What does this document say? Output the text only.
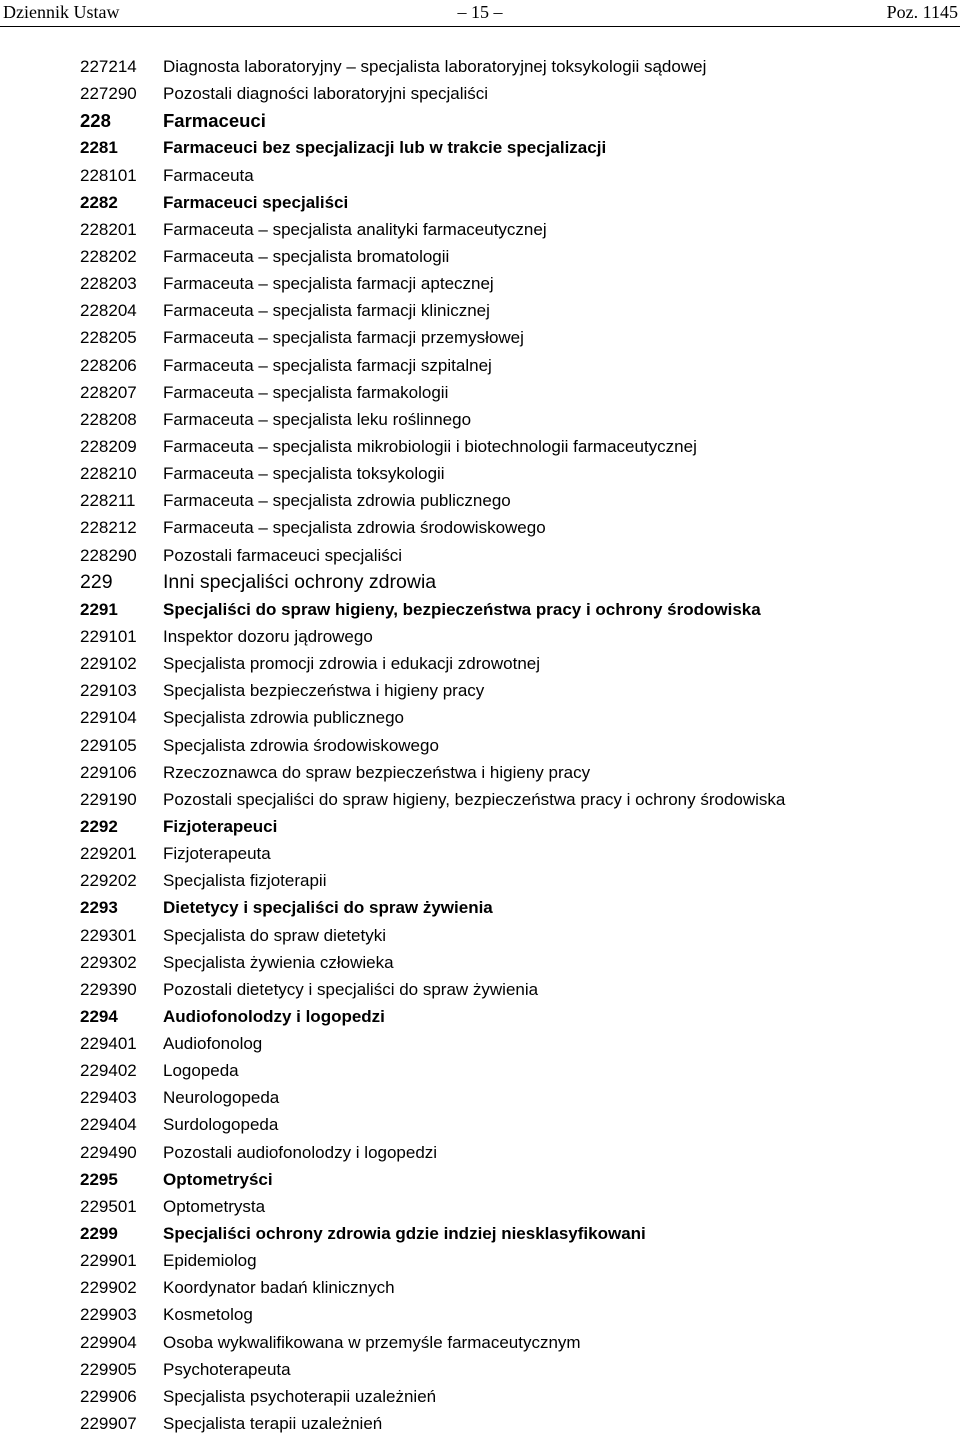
Dziennik Ustaw	– 15 –	Poz. 1145
227214 Diagnosta laboratoryjny – specjalista laboratoryjnej toksykologii sądowej
227290 Pozostali diagności laboratoryjni specjaliści
228	Farmaceuci
2281	Farmaceuci bez specjalizacji lub w trakcie specjalizacji
228101 Farmaceuta
2282	Farmaceuci specjaliści
228201 Farmaceuta – specjalista analityki farmaceutycznej
228202 Farmaceuta – specjalista bromatologii
228203 Farmaceuta – specjalista farmacji aptecznej
228204 Farmaceuta – specjalista farmacji klinicznej
228205 Farmaceuta – specjalista farmacji przemysłowej
228206 Farmaceuta – specjalista farmacji szpitalnej
228207 Farmaceuta – specjalista farmakologii
228208 Farmaceuta – specjalista leku roślinnego
228209 Farmaceuta – specjalista mikrobiologii i biotechnologii farmaceutycznej
228210 Farmaceuta – specjalista toksykologii
228211 Farmaceuta – specjalista zdrowia publicznego
228212 Farmaceuta – specjalista zdrowia środowiskowego
228290 Pozostali farmaceuci specjaliści
229	Inni specjaliści ochrony zdrowia
2291	Specjaliści do spraw higieny, bezpieczeństwa pracy i ochrony środowiska
229101 Inspektor dozoru jądrowego
229102 Specjalista promocji zdrowia i edukacji zdrowotnej
229103 Specjalista bezpieczeństwa i higieny pracy
229104 Specjalista zdrowia publicznego
229105 Specjalista zdrowia środowiskowego
229106 Rzeczoznawca do spraw bezpieczeństwa i higieny pracy
229190 Pozostali specjaliści do spraw higieny, bezpieczeństwa pracy i ochrony środowiska
2292	Fizjoterapeuci
229201 Fizjoterapeuta
229202 Specjalista fizjoterapii
2293	Dietetycy i specjaliści do spraw żywienia
229301 Specjalista do spraw dietetyki
229302 Specjalista żywienia człowieka
229390 Pozostali dietetycy i specjaliści do spraw żywienia
2294	Audiofonolodzy i logopedzi
229401 Audiofonolog
229402 Logopeda
229403 Neurologopeda
229404 Surdologopeda
229490 Pozostali audiofonolodzy i logopedzi
2295	Optometryści
229501 Optometrysta
2299	Specjaliści ochrony zdrowia gdzie indziej niesklasyfikowani
229901 Epidemiolog
229902 Koordynator badań klinicznych
229903 Kosmetolog
229904 Osoba wykwalifikowana w przemyśle farmaceutycznym
229905 Psychoterapeuta
229906 Specjalista psychoterapii uzależnień
229907 Specjalista terapii uzależnień
